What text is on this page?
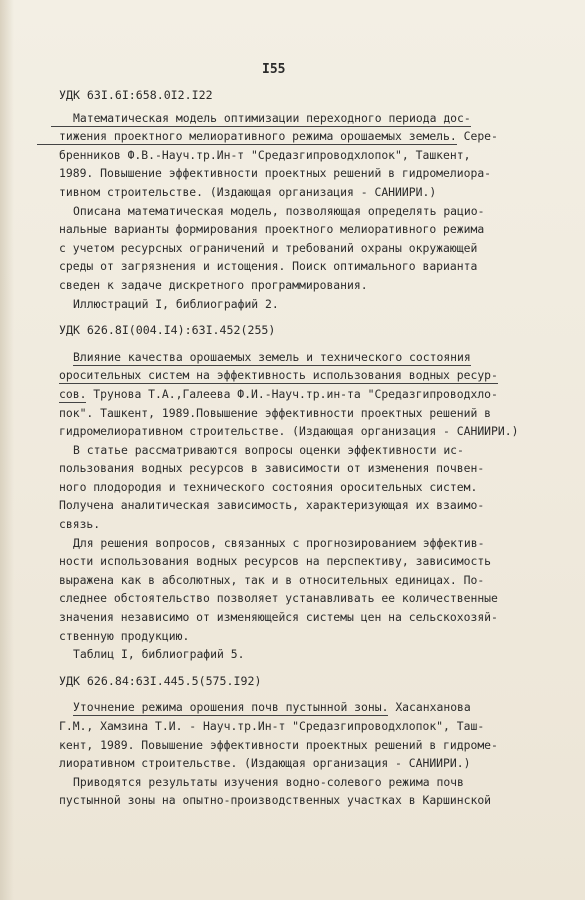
I55
УДК 63I.6I:658.0I2.I22
Математическая модель оптимизации переходного периода дос-
тижения проектного мелиоративного режима орошаемых земель. Сере-
бренников Ф.В.-Науч.тр.Ин-т "Средазгипроводхлопок", Ташкент,
1989. Повышение эффективности проектных решений в гидромелиора-
тивном строительстве. (Издающая организация - САНИИРИ.)
Описана математическая модель, позволяющая определять рацио-
нальные варианты формирования проектного мелиоративного режима
с учетом ресурсных ограничений и требований охраны окружающей
среды от загрязнения и истощения. Поиск оптимального варианта
сведен к задаче дискретного программирования.
Иллюстраций I, библиографий 2.
УДК 626.8I(004.I4):63I.452(255)
Влияние качества орошаемых земель и технического состояния
оросительных систем на эффективность использования водных ресур-
сов. Трунова Т.А.,Галеева Ф.И.-Науч.тр.ин-та "Средазгипроводхло-
пок". Ташкент, 1989.Повышение эффективности проектных решений в
гидромелиоративном строительстве. (Издающая организация - САНИИРИ.)
В статье рассматриваются вопросы оценки эффективности ис-
пользования водных ресурсов в зависимости от изменения почвен-
ного плодородия и технического состояния оросительных систем.
Получена аналитическая зависимость, характеризующая их взаимо-
связь.
Для решения вопросов, связанных с прогнозированием эффектив-
ности использования водных ресурсов на перспективу, зависимость
выражена как в абсолютных, так и в относительных единицах. По-
следнее обстоятельство позволяет устанавливать ее количественные
значения независимо от изменяющейся системы цен на сельскохозяй-
ственную продукцию.
Таблиц I, библиографий 5.
УДК 626.84:63I.445.5(575.I92)
Уточнение режима орошения почв пустынной зоны. Хасанханова
Г.М., Хамзина Т.И. - Науч.тр.Ин-т "Средазгипроводхлопок", Таш-
кент, 1989. Повышение эффективности проектных решений в гидроме-
лиоративном строительстве. (Издающая организация - САНИИРИ.)
Приводятся результаты изучения водно-солевого режима почв
пустынной зоны на опытно-производственных участках в Каршинской
